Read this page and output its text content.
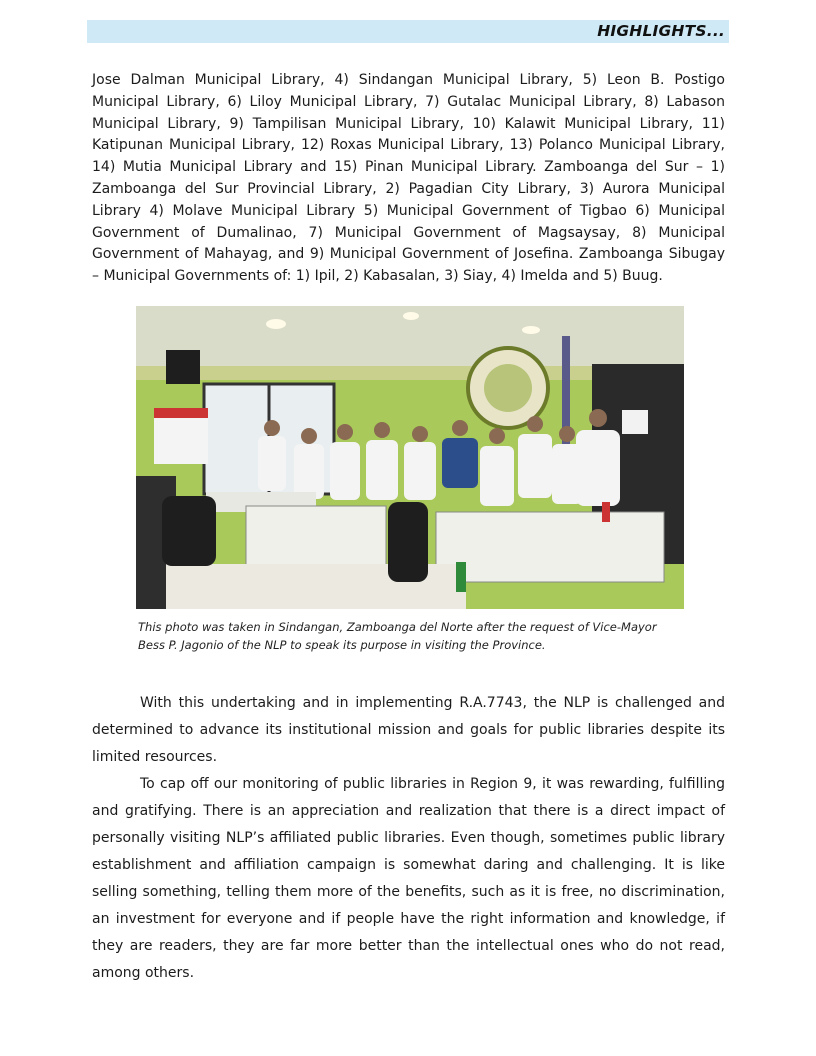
HIGHLIGHTS...

Jose Dalman Municipal Library, 4) Sindangan Municipal Library, 5) Leon B. Postigo Municipal Library, 6) Liloy Municipal Library, 7) Gutalac Municipal Library, 8) Labason Municipal Library, 9) Tampilisan Municipal Library, 10) Kalawit Municipal Library, 11) Katipunan Municipal Library, 12) Roxas Municipal Library, 13) Polanco Municipal Library, 14) Mutia Municipal Library and 15) Pinan Municipal Library. Zamboanga del Sur – 1) Zamboanga del Sur Provincial Library, 2) Pagadian City Library, 3) Aurora Municipal Library 4) Molave Municipal Library 5) Municipal Government of Tigbao 6) Municipal Government of Dumalinao, 7) Municipal Government of Magsaysay, 8) Municipal Government of Mahayag, and 9) Municipal Government of Josefina. Zamboanga Sibugay – Municipal Governments of: 1) Ipil, 2) Kabasalan, 3) Siay, 4) Imelda and 5) Buug.

This photo was taken in Sindangan, Zamboanga del Norte after the request of Vice-Mayor
Bess P. Jagonio of the NLP to speak its purpose in visiting the Province.

With this undertaking and in implementing R.A.7743, the NLP is challenged and determined to advance its institutional mission and goals for public libraries despite its limited resources.

To cap off our monitoring of public libraries in Region 9, it was rewarding, fulfilling and gratifying. There is an appreciation and realization that there is a direct impact of personally visiting NLP’s affiliated public libraries. Even though, sometimes public library establishment and affiliation campaign is somewhat daring and challenging. It is like selling something, telling them more of the benefits, such as it is free, no discrimination, an investment for everyone and if people have the right information and knowledge, if they are readers, they are far more better than the intellectual ones who do not read, among others.
